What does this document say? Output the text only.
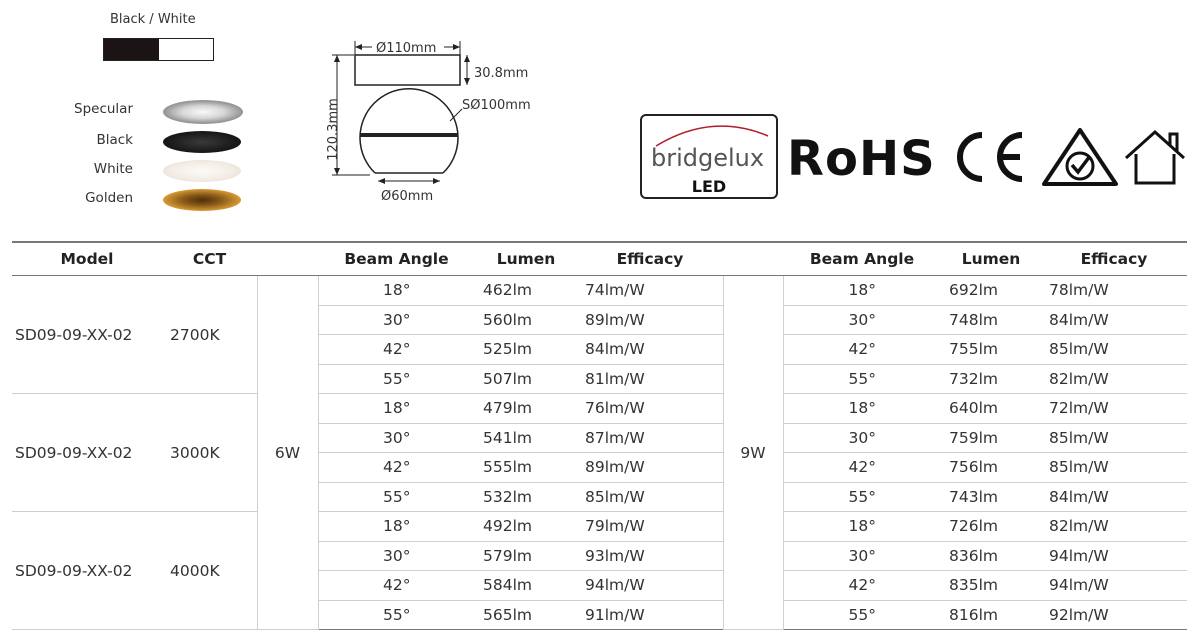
Black / White
Specular
Black
White
Golden
Ø110mm
30.8mm
SØ100mm
Ø60mm
120.3mm	bridgelux
LED	RoHS
Model	CCT		Beam Angle	Lumen	Efficacy		Beam Angle	Lumen	Efficacy
SD09-09-XX-02	2700K	6W	18°	462lm	74lm/W	9W	18°	692lm	78lm/W
			30°	560lm	89lm/W		30°	748lm	84lm/W
			42°	525lm	84lm/W		42°	755lm	85lm/W
			55°	507lm	81lm/W		55°	732lm	82lm/W
SD09-09-XX-02	3000K		18°	479lm	76lm/W		18°	640lm	72lm/W
			30°	541lm	87lm/W		30°	759lm	85lm/W
			42°	555lm	89lm/W		42°	756lm	85lm/W
			55°	532lm	85lm/W		55°	743lm	84lm/W
SD09-09-XX-02	4000K		18°	492lm	79lm/W		18°	726lm	82lm/W
			30°	579lm	93lm/W		30°	836lm	94lm/W
			42°	584lm	94lm/W		42°	835lm	94lm/W
			55°	565lm	91lm/W		55°	816lm	92lm/W
